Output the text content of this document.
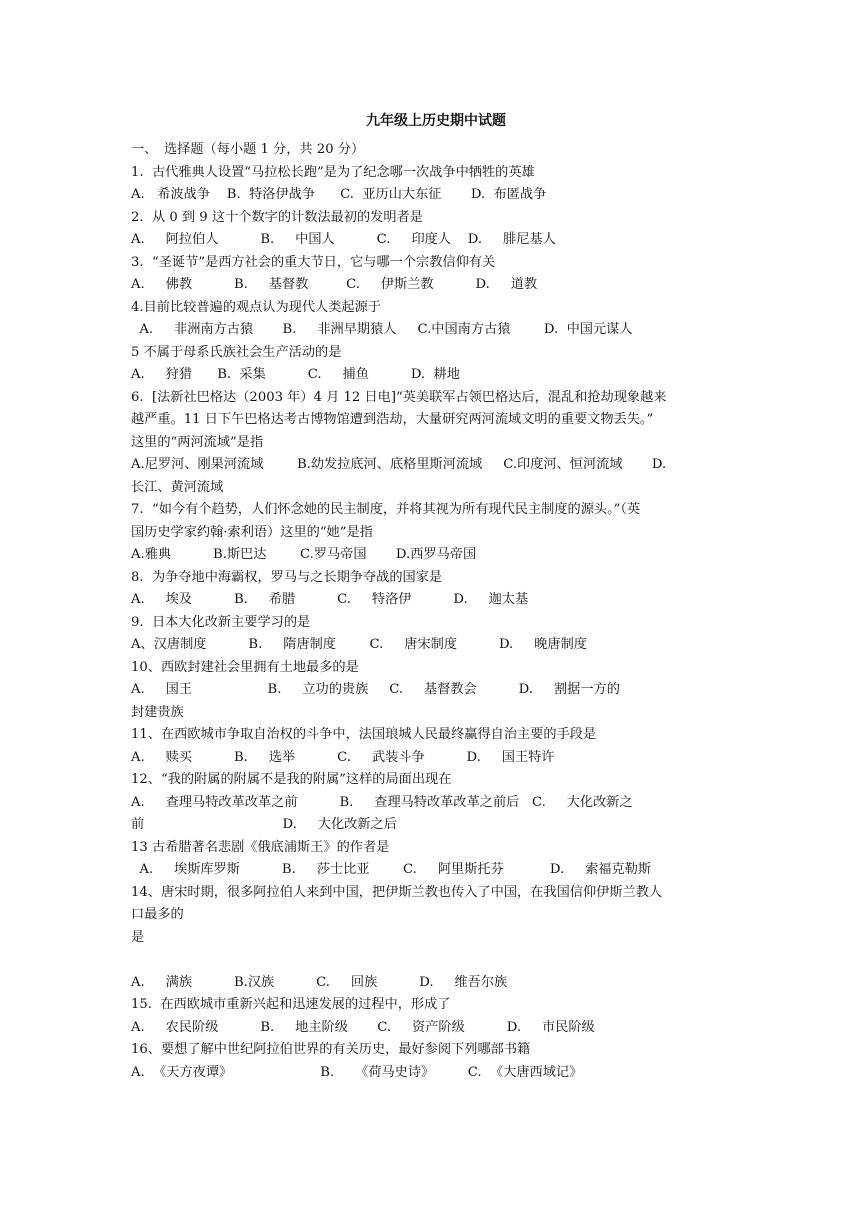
九年级上历史期中试题
一、　选择题（每小题 1 分，共 20 分）
1.  古代雅典人设置“马拉松长跑”是为了纪念哪一次战争中牺牲的英雄
A.   希波战争    B.  特洛伊战争      C.  亚历山大东征       D.  布匿战争
2.  从 0 到 9 这十个数字的计数法最初的发明者是
A.     阿拉伯人          B.     中国人          C.     印度人    D.     腓尼基人
3.  “圣诞节”是西方社会的重大节日，它与哪一个宗教信仰有关
A.     佛教          B.     基督教         C.     伊斯兰教          D.     道教
4.目前比较普遍的观点认为现代人类起源于
A.     非洲南方古猿       B.     非洲早期猿人     C.中国南方古猿        D.  中国元谋人
5 不属于母系氏族社会生产活动的是
A.     狩猎      B.  采集          C.     捕鱼          D.  耕地
6.  [法新社巴格达（2003 年）4 月 12 日电]“英美联军占领巴格达后，混乱和抢劫现象越来
越严重。11 日下午巴格达考古博物馆遭到浩劫，大量研究两河流域文明的重要文物丢失。”
这里的“两河流域”是指
A.尼罗河、刚果河流域        B.幼发拉底河、底格里斯河流域     C.印度河、恒河流域       D.
长江、黄河流域
7.  “如今有个趋势，人们怀念她的民主制度，并将其视为所有现代民主制度的源头。”（英
国历史学家约翰·索利语）这里的“她”是指
A.雅典          B.斯巴达        C.罗马帝国       D.西罗马帝国
8.  为争夺地中海霸权，罗马与之长期争夺战的国家是
A.     埃及          B.     希腊          C.     特洛伊          D.     迦太基
9.  日本大化改新主要学习的是
A、汉唐制度          B.     隋唐制度        C.     唐宋制度          D.     晚唐制度
10、西欧封建社会里拥有土地最多的是
A.     国王                  B.     立功的贵族     C.     基督教会          D.     割据一方的
封建贵族
11、在西欧城市争取自治权的斗争中，法国琅城人民最终赢得自治主要的手段是
A.     赎买          B.     选举          C.     武装斗争          D.     国王特许
12、“我的附属的附属不是我的附属”这样的局面出现在
A.     查理马特改革改革之前          B.     查理马特改革改革之前后   C.     大化改新之
前                                 D.     大化改新之后
13 古希腊著名悲剧《俄底浦斯王》的作者是
A.     埃斯库罗斯          B.     莎士比亚        C.     阿里斯托芬           D.     索福克勒斯
14、唐宋时期，很多阿拉伯人来到中国，把伊斯兰教也传入了中国，在我国信仰伊斯兰教人
口最多的
是
A.     满族          B.汉族          C.     回族          D.     维吾尔族
15.  在西欧城市重新兴起和迅速发展的过程中，形成了
A.     农民阶级          B.     地主阶级       C.     资产阶级          D.     市民阶级
16、要想了解中世纪阿拉伯世界的有关历史，最好参阅下列哪部书籍
A.  《天方夜谭》                     B.     《荷马史诗》        C.  《大唐西域记》
